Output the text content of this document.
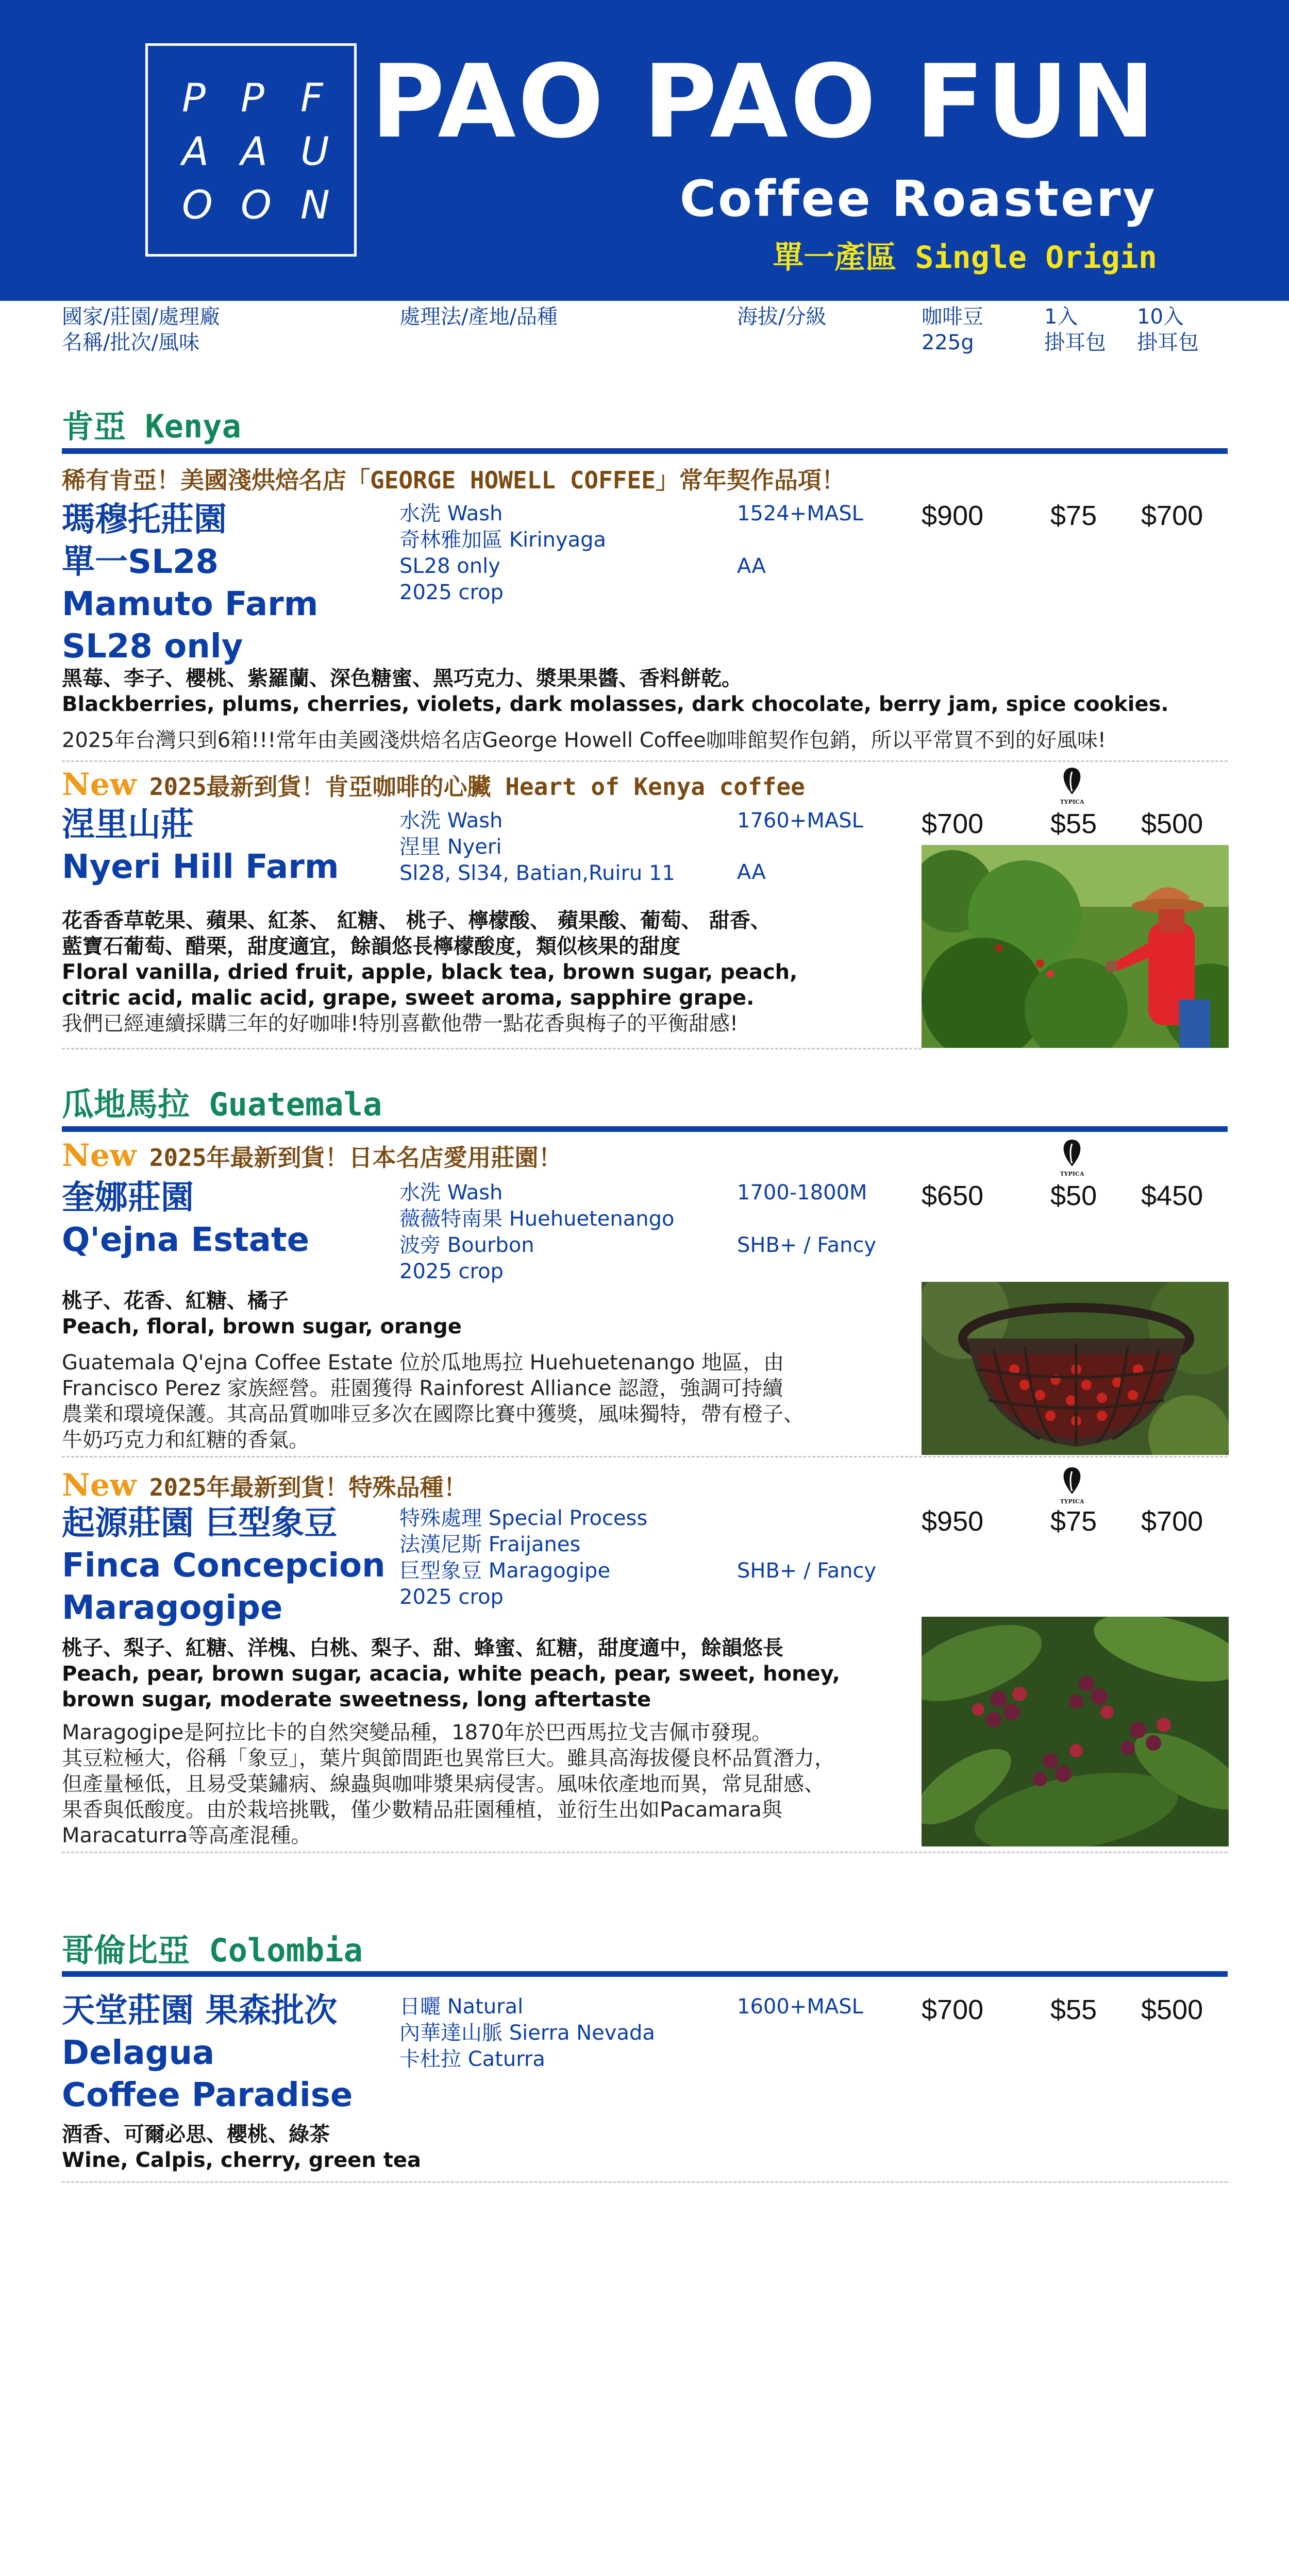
P P F
A A U
O O N
PAO PAO FUN
Coffee Roastery
單一產區 Single Origin
國家/莊園/處理廠
名稱/批次/風味
處理法/產地/品種	海拔/分級	咖啡豆
225g
1入
掛耳包
10入
掛耳包
肯亞 Kenya
稀有肯亞！美國淺烘焙名店「GEORGE HOWELL COFFEE」常年契作品項！
瑪穆托莊園
單一SL28
Mamuto Farm
SL28 only
水洗 Wash
奇林雅加區 Kirinyaga
SL28 only
2025 crop
1524+MASL
AA
$900 $75 $700
黑莓、李子、櫻桃、紫羅蘭、深色糖蜜、黑巧克力、漿果果醬、香料餅乾。
Blackberries, plums, cherries, violets, dark molasses, dark chocolate, berry jam, spice cookies.
2025年台灣只到6箱!!!常年由美國淺烘焙名店George Howell Coffee咖啡館契作包銷，所以平常買不到的好風味!
New 2025最新到貨！肯亞咖啡的心臟 Heart of Kenya coffee
TYPICA
涅里山莊
Nyeri Hill Farm
水洗 Wash
涅里 Nyeri
Sl28, Sl34, Batian,Ruiru 11
1760+MASL
AA
$700 $55 $500
花香香草乾果、蘋果、紅茶、 紅糖、 桃子、檸檬酸、 蘋果酸、葡萄、 甜香、
藍寶石葡萄、醋栗，甜度適宜，餘韻悠長檸檬酸度，類似核果的甜度
Floral vanilla, dried fruit, apple, black tea, brown sugar, peach,
citric acid, malic acid, grape, sweet aroma, sapphire grape.
我們已經連續採購三年的好咖啡!特別喜歡他帶一點花香與梅子的平衡甜感!
瓜地馬拉 Guatemala
New 2025年最新到貨！日本名店愛用莊園！
TYPICA
奎娜莊園
Q'ejna Estate
水洗 Wash
薇薇特南果 Huehuetenango
波旁 Bourbon
2025 crop
1700-1800M
SHB+ / Fancy
$650 $50 $450
桃子、花香、紅糖、橘子
Peach, floral, brown sugar, orange
Guatemala Q'ejna Coffee Estate 位於瓜地馬拉 Huehuetenango 地區，由
Francisco Perez 家族經營。莊園獲得 Rainforest Alliance 認證，強調可持續
農業和環境保護。其高品質咖啡豆多次在國際比賽中獲獎，風味獨特，帶有橙子、
牛奶巧克力和紅糖的香氣。
New 2025年最新到貨！特殊品種！
TYPICA
起源莊園 巨型象豆
Finca Concepcion
Maragogipe
特殊處理 Special Process
法漢尼斯 Fraijanes
巨型象豆 Maragogipe
2025 crop
SHB+ / Fancy
$950 $75 $700
桃子、梨子、紅糖、洋槐、白桃、梨子、甜、蜂蜜、紅糖，甜度適中，餘韻悠長
Peach, pear, brown sugar, acacia, white peach, pear, sweet, honey,
brown sugar, moderate sweetness, long aftertaste
Maragogipe是阿拉比卡的自然突變品種，1870年於巴西馬拉戈吉佩市發現。
其豆粒極大，俗稱「象豆」，葉片與節間距也異常巨大。雖具高海拔優良杯品質潛力，
但產量極低，且易受葉鏽病、線蟲與咖啡漿果病侵害。風味依產地而異，常見甜感、
果香與低酸度。由於栽培挑戰，僅少數精品莊園種植，並衍生出如Pacamara與
Maracaturra等高產混種。
哥倫比亞 Colombia
天堂莊園 果森批次
Delagua
Coffee Paradise
日曬 Natural
內華達山脈 Sierra Nevada
卡杜拉 Caturra
1600+MASL $700 $55 $500
酒香、可爾必思、櫻桃、綠茶
Wine, Calpis, cherry, green tea
